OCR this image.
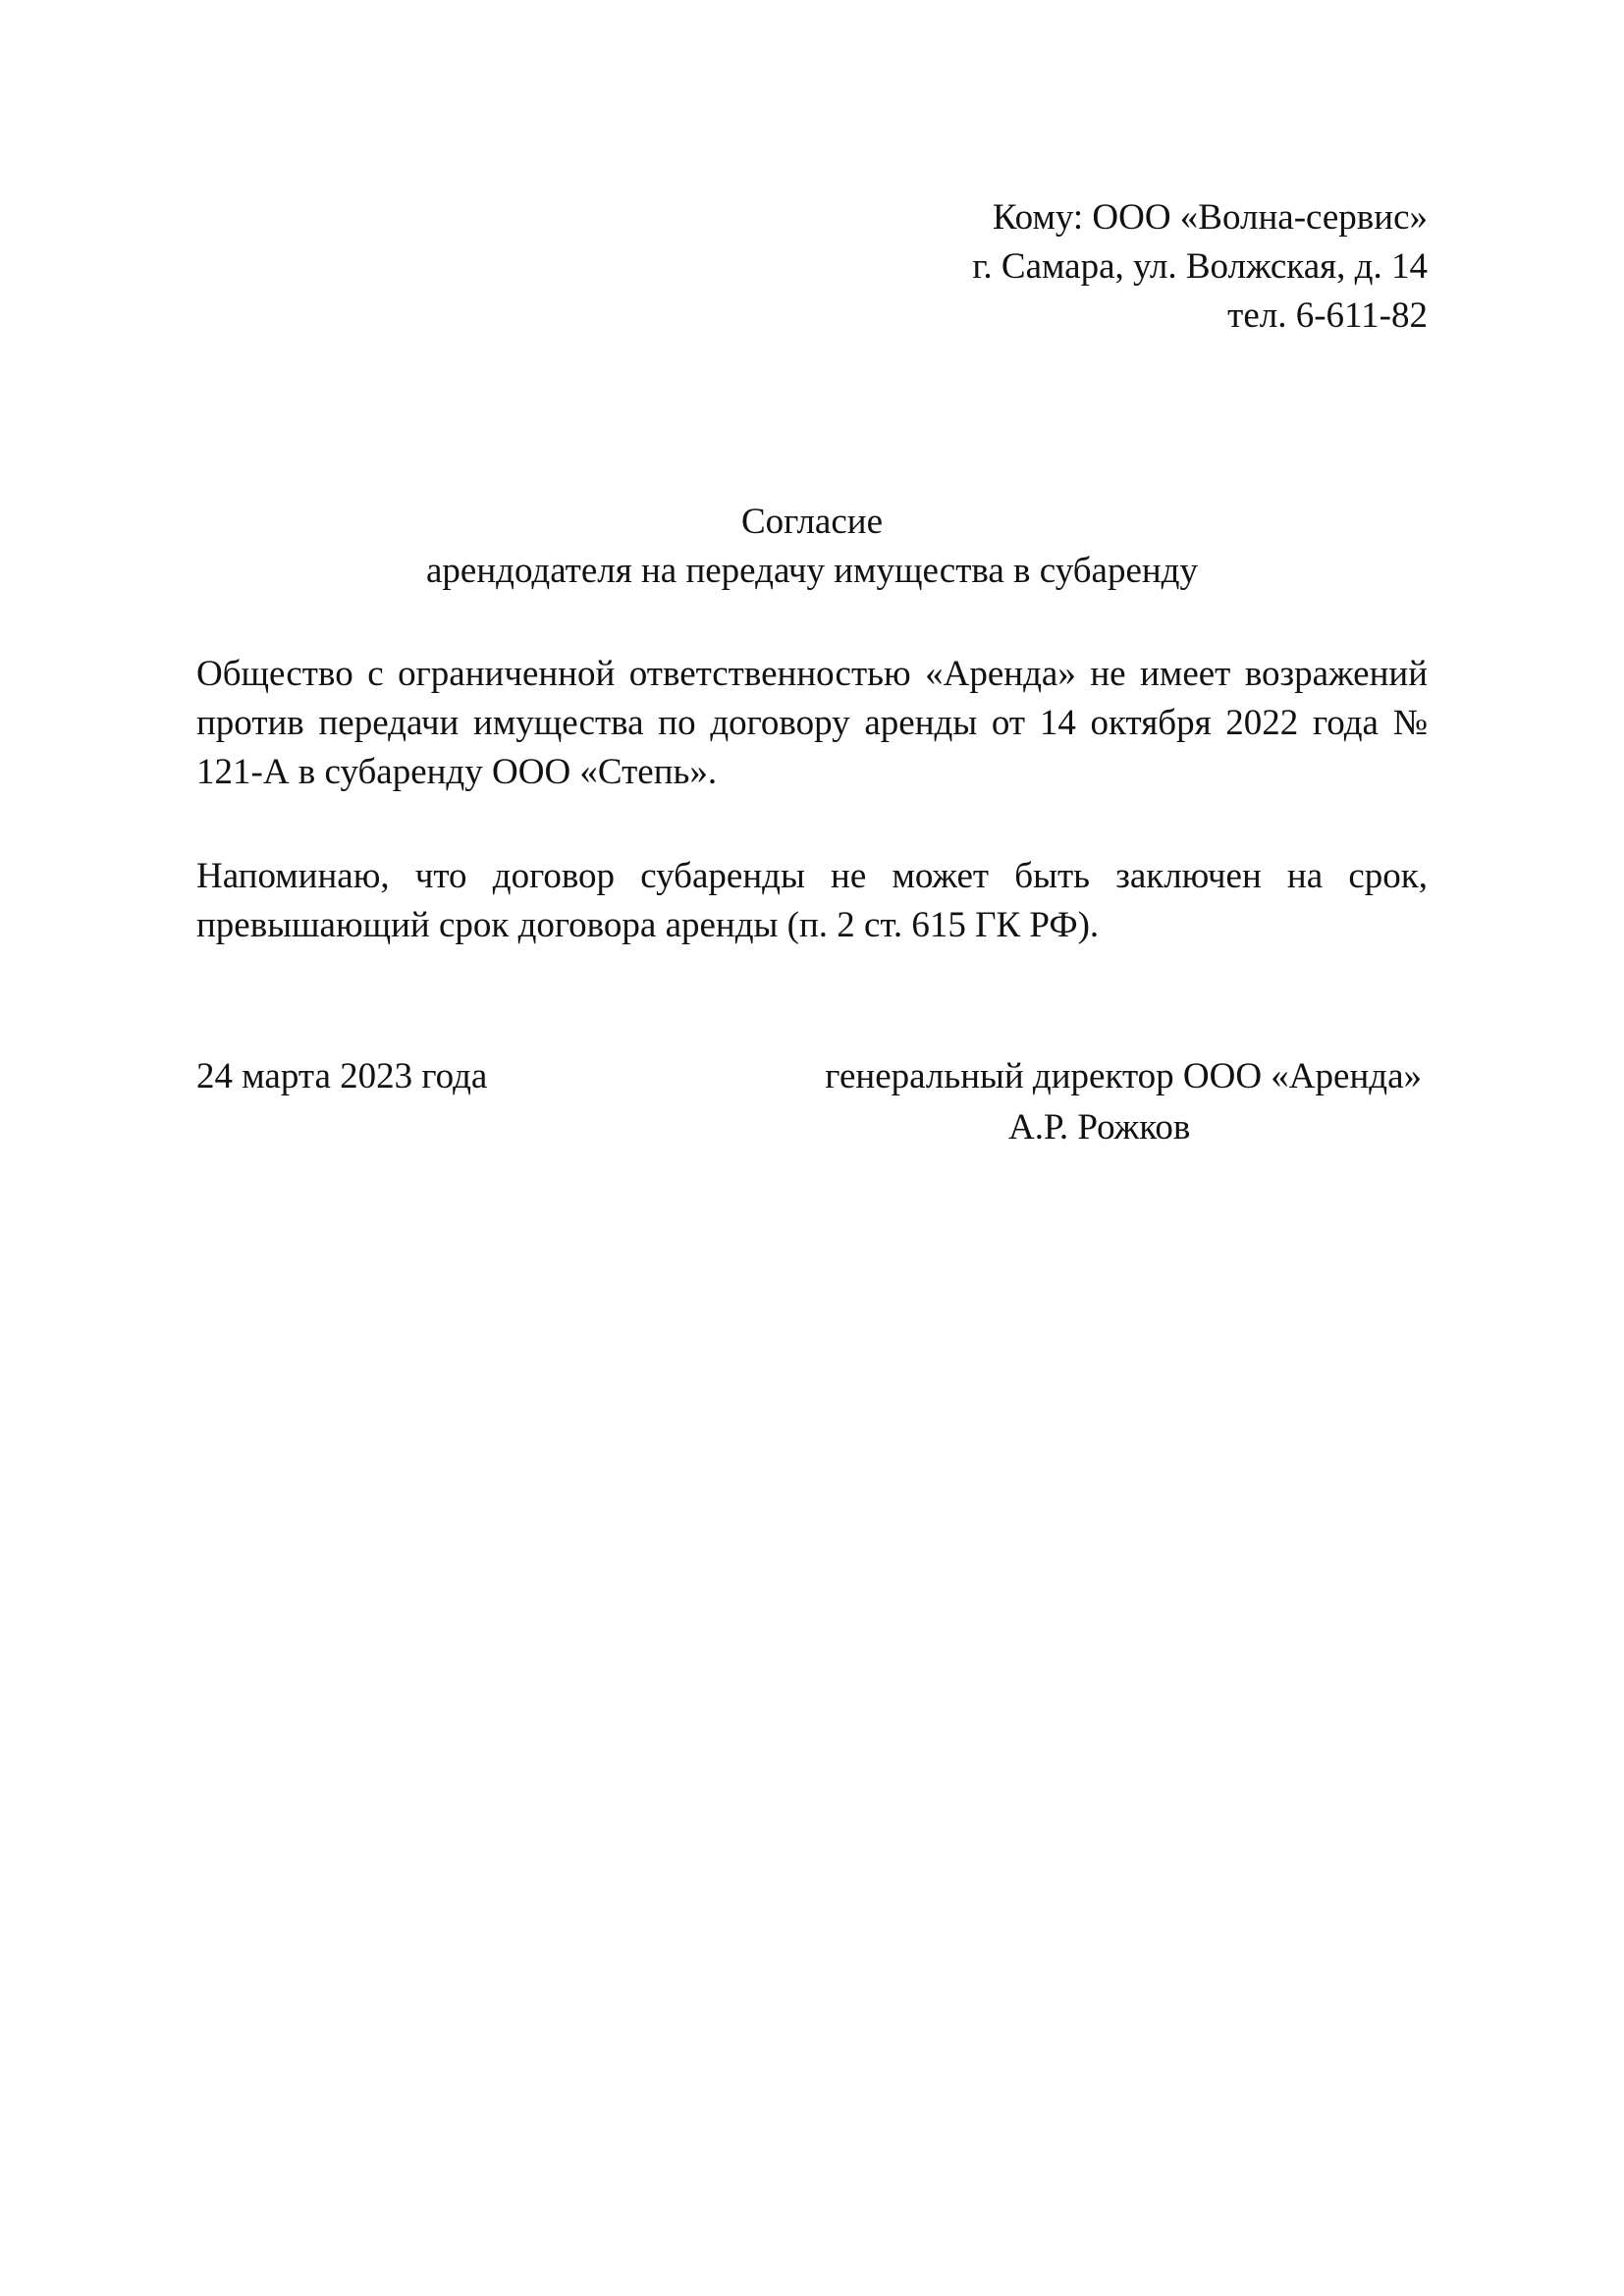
Кому: ООО «Волна-сервис»
г. Самара, ул. Волжская, д. 14
тел. 6-611-82
Согласие
арендодателя на передачу имущества в субаренду

Общество с ограниченной ответственностью «Аренда» не имеет возражений против передачи имущества по договору аренды от 14 октября 2022 года № 121-А в субаренду ООО «Степь».

Напоминаю, что договор субаренды не может быть заключен на срок, превышающий срок договора аренды (п. 2 ст. 615 ГК РФ).

24 марта 2023 года	генеральный директор ООО «Аренда»
А.Р. Рожков
